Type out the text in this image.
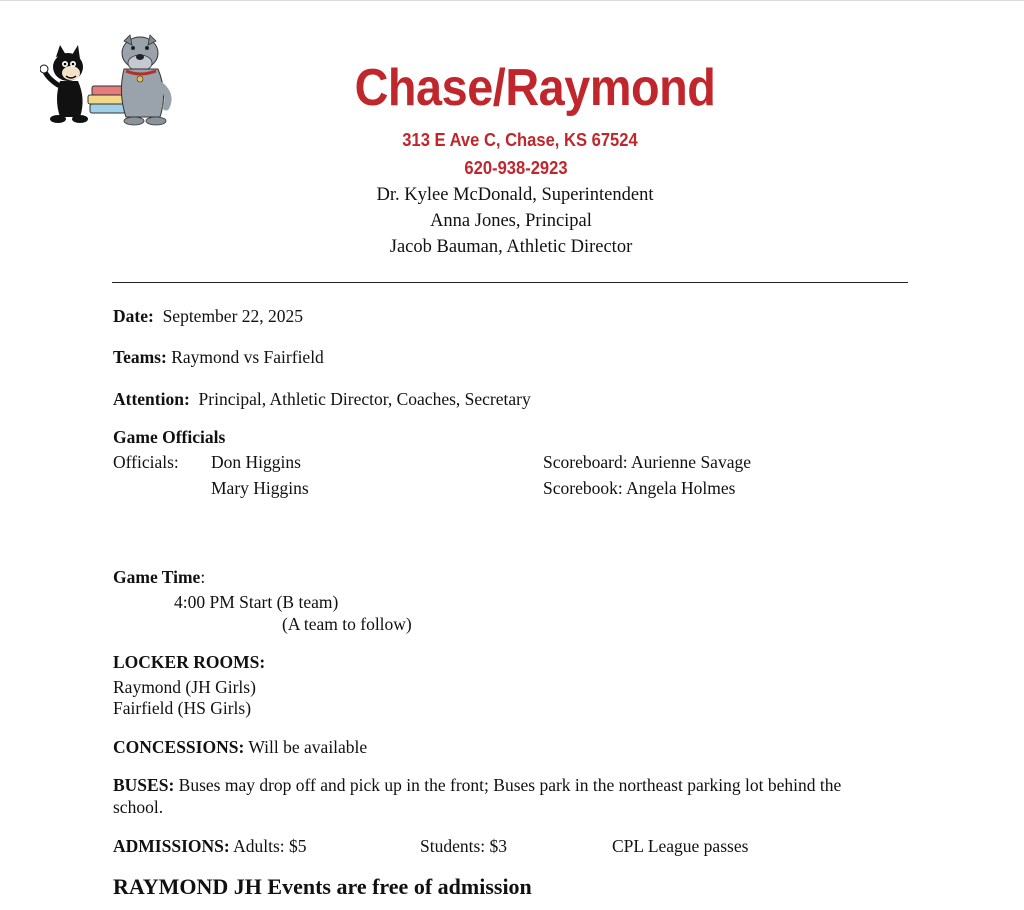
Chase/Raymond
313 E Ave C, Chase, KS 67524
620-938-2923
Dr. Kylee McDonald, Superintendent
Anna Jones, Principal
Jacob Bauman, Athletic Director
Date: September 22, 2025
Teams: Raymond vs Fairfield
Attention: Principal, Athletic Director, Coaches, Secretary
Game Officials
Officials: Don Higgins
Mary Higgins
Scoreboard: Aurienne Savage
Scorebook: Angela Holmes
Game Time:
4:00 PM Start (B team)
(A team to follow)
LOCKER ROOMS:
Raymond (JH Girls)
Fairfield (HS Girls)
CONCESSIONS: Will be available
BUSES: Buses may drop off and pick up in the front; Buses park in the northeast parking lot behind the
school.
ADMISSIONS: Adults: $5	Students: $3	CPL League passes
RAYMOND JH Events are free of admission
